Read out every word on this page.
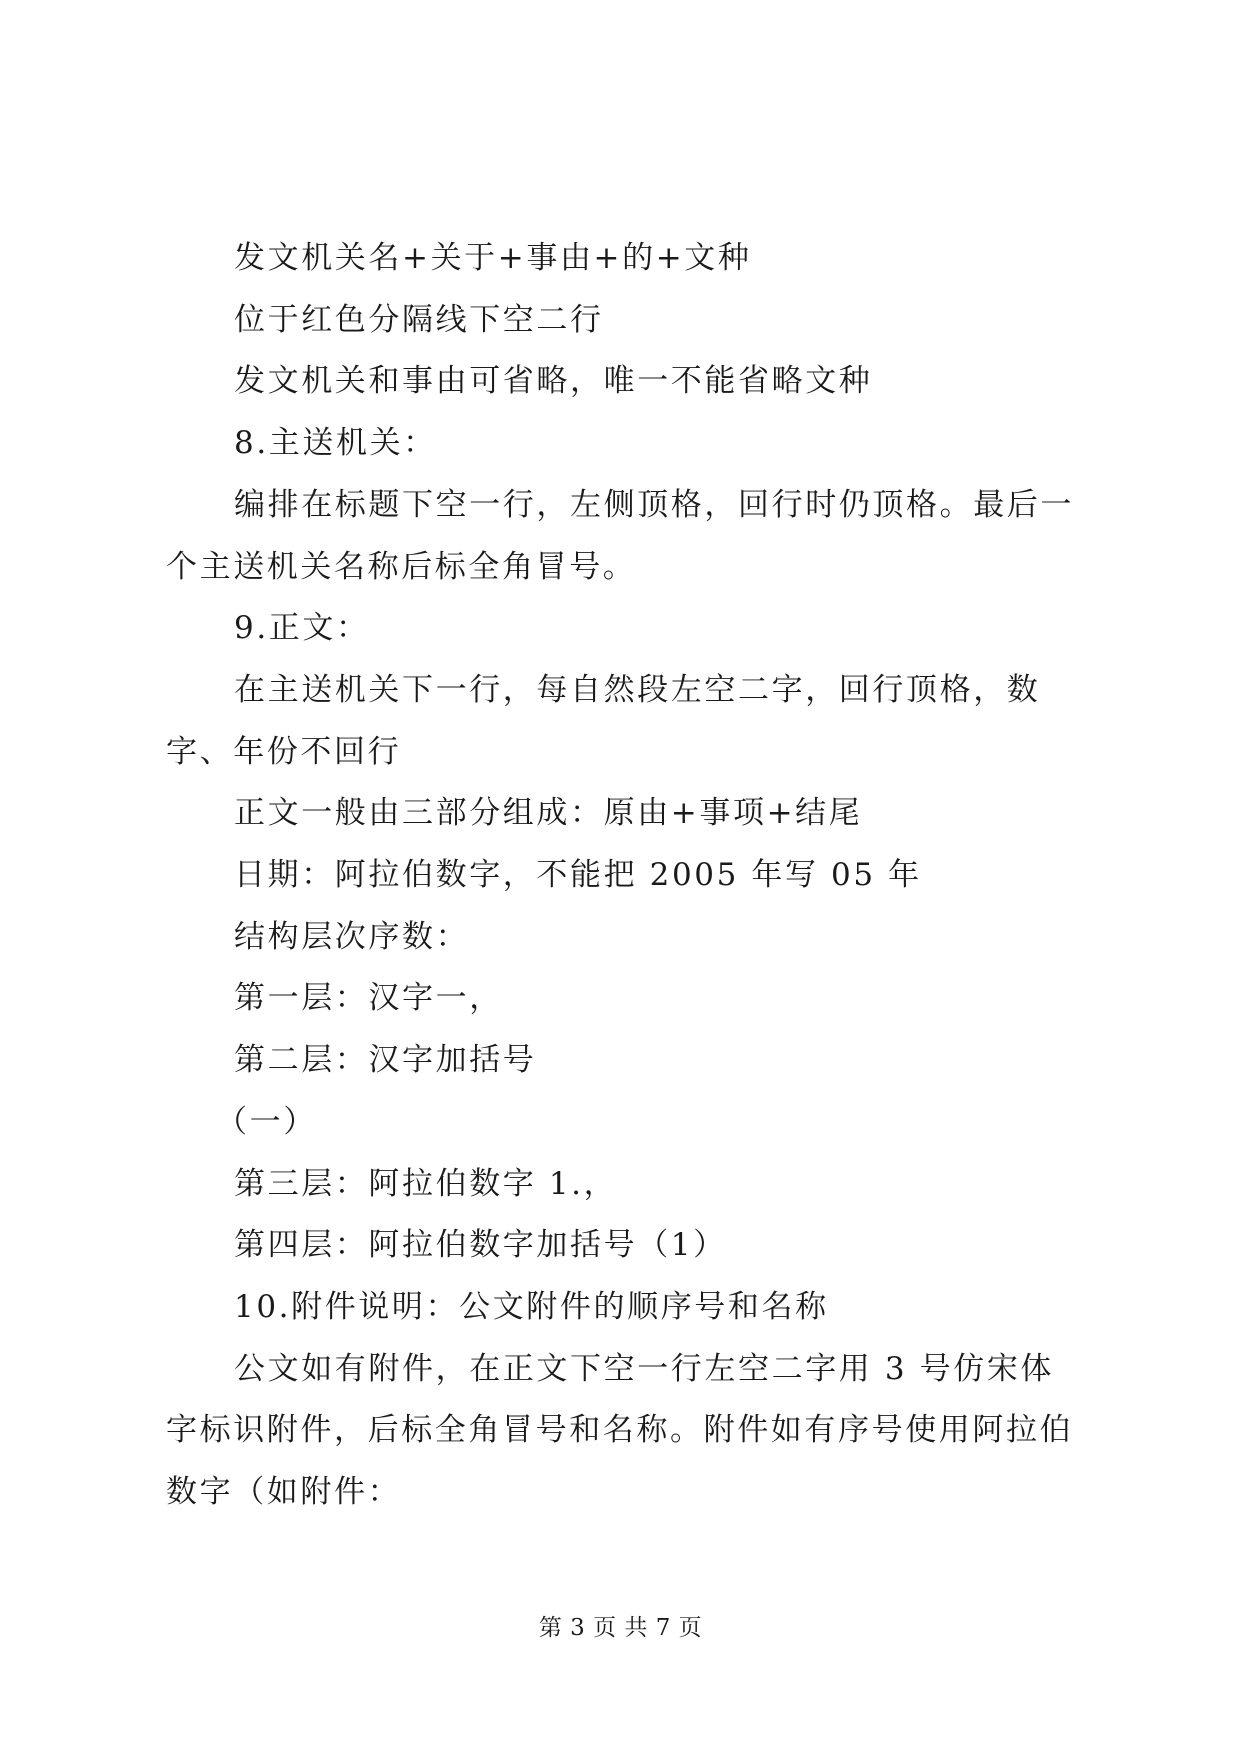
发文机关名+关于+事由+的+文种

位于红色分隔线下空二行

发文机关和事由可省略，唯一不能省略文种

8.主送机关：

编排在标题下空一行，左侧顶格，回行时仍顶格。最后一个主送机关名称后标全角冒号。

9.正文：

在主送机关下一行，每自然段左空二字，回行顶格，数字、年份不回行

正文一般由三部分组成：原由+事项+结尾

日期：阿拉伯数字，不能把 2005 年写 05 年

结构层次序数：

第一层：汉字一，

第二层：汉字加括号

（一）

第三层：阿拉伯数字 1.，

第四层：阿拉伯数字加括号（1）

10.附件说明：公文附件的顺序号和名称

公文如有附件，在正文下空一行左空二字用 3 号仿宋体字标识附件，后标全角冒号和名称。附件如有序号使用阿拉伯数字（如附件：

第 3 页 共 7 页
